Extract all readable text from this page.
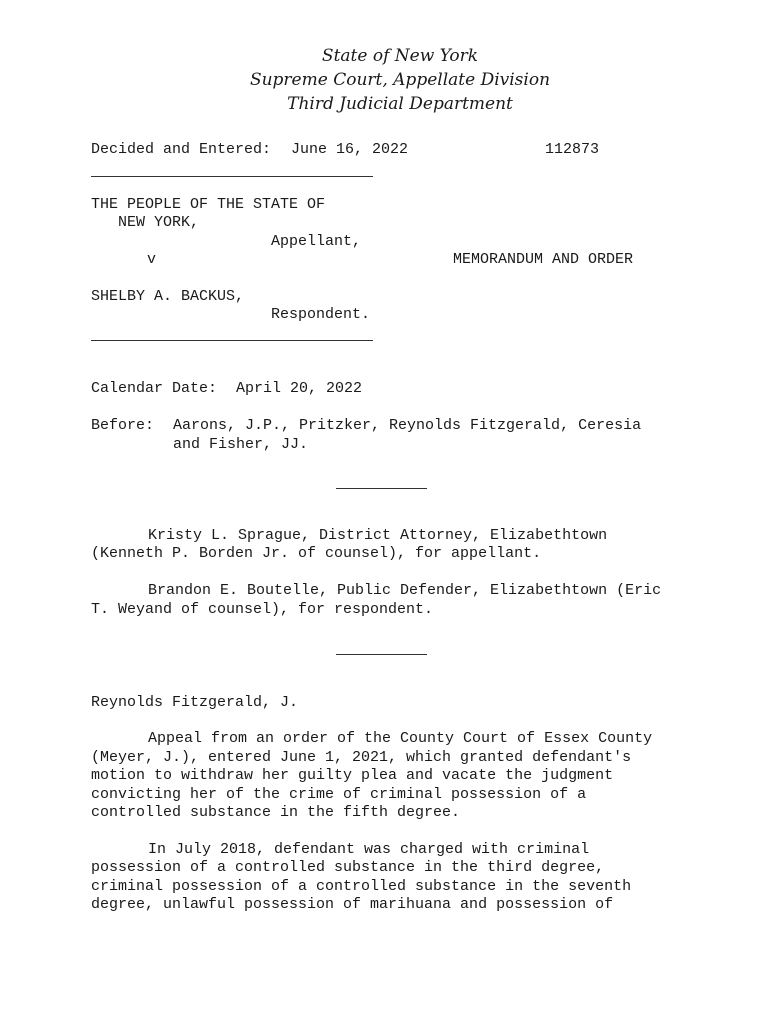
State of New York
Supreme Court, Appellate Division
Third Judicial Department
Decided and Entered: June 16, 2022	112873
THE PEOPLE OF THE STATE OF
NEW YORK,
Appellant,
v	MEMORANDUM AND ORDER
SHELBY A. BACKUS,
Respondent.
Calendar Date: April 20, 2022
Before: Aarons, J.P., Pritzker, Reynolds Fitzgerald, Ceresia
and Fisher, JJ.
Kristy L. Sprague, District Attorney, Elizabethtown
(Kenneth P. Borden Jr. of counsel), for appellant.
Brandon E. Boutelle, Public Defender, Elizabethtown (Eric
T. Weyand of counsel), for respondent.
Reynolds Fitzgerald, J.
Appeal from an order of the County Court of Essex County
(Meyer, J.), entered June 1, 2021, which granted defendant's
motion to withdraw her guilty plea and vacate the judgment
convicting her of the crime of criminal possession of a
controlled substance in the fifth degree.
In July 2018, defendant was charged with criminal
possession of a controlled substance in the third degree,
criminal possession of a controlled substance in the seventh
degree, unlawful possession of marihuana and possession of
